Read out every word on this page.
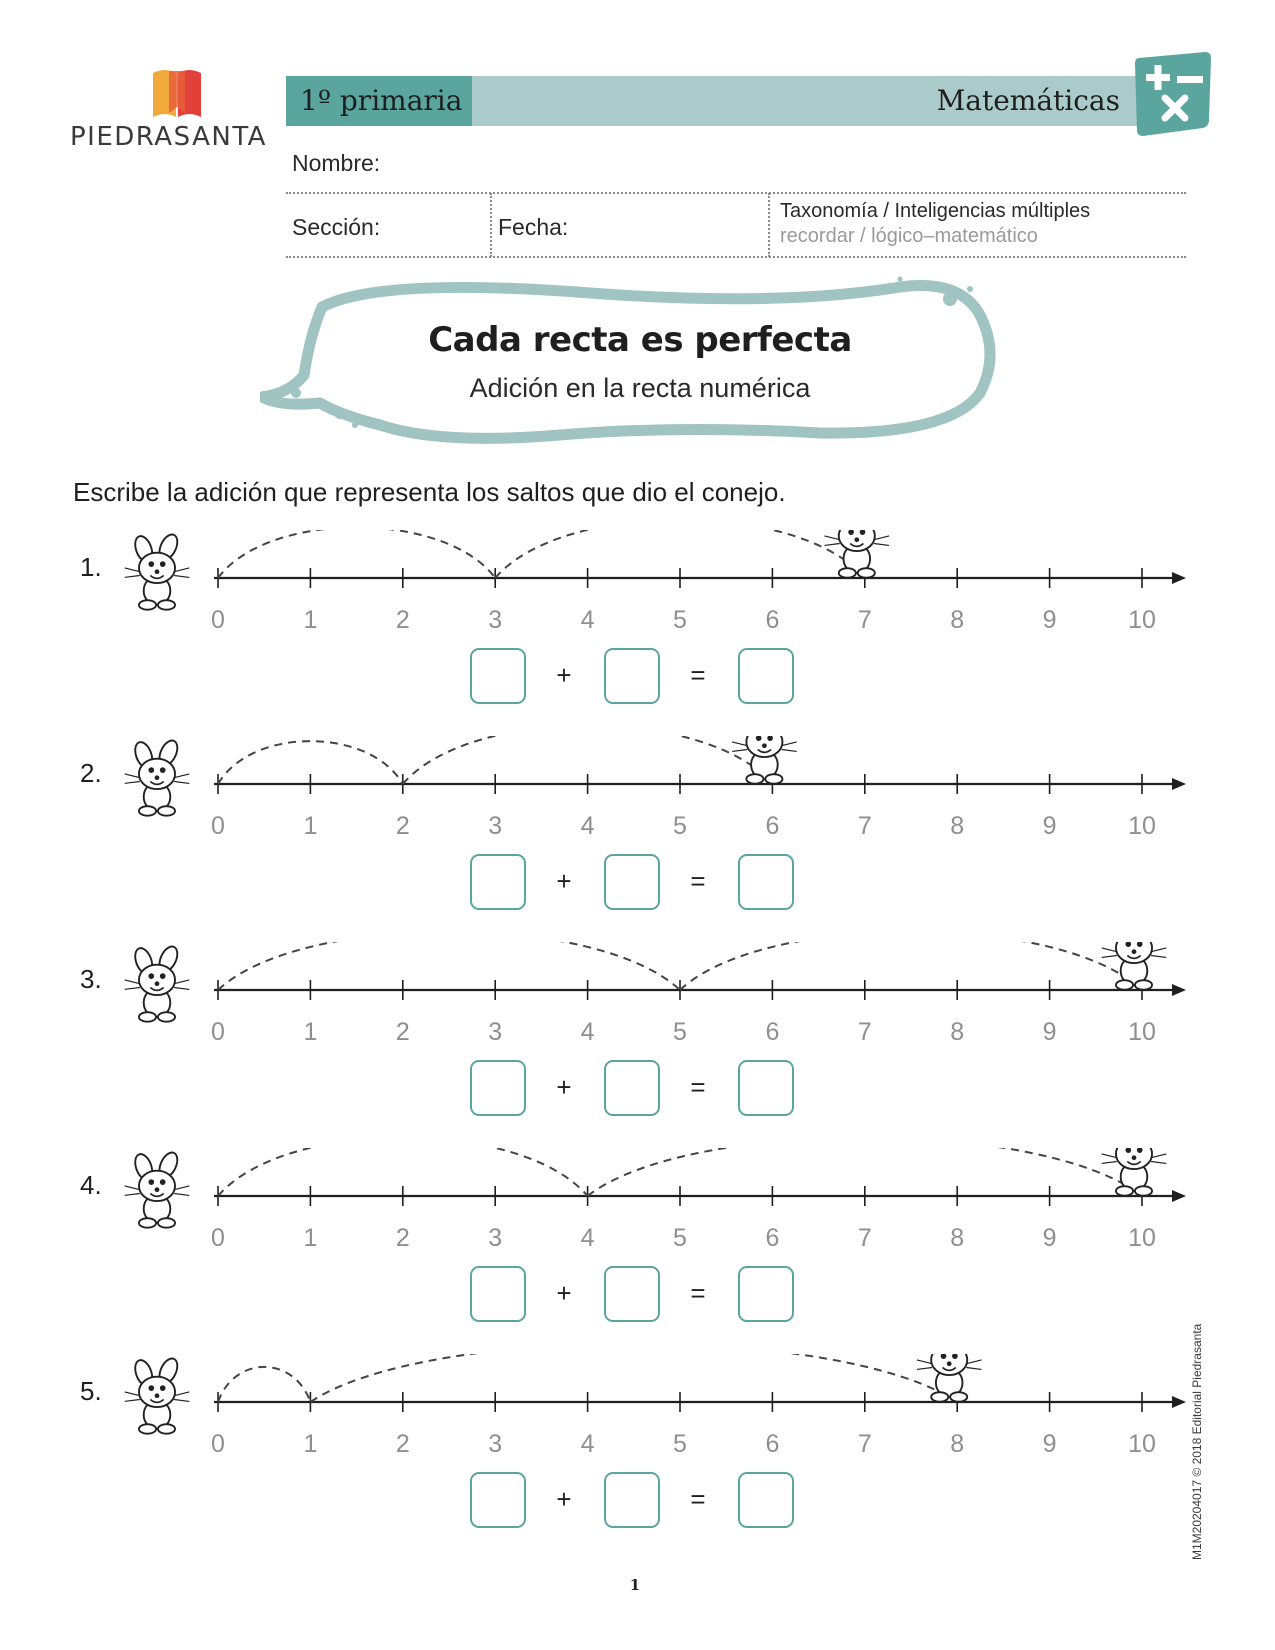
PIEDRASANTA
1º primaria	Matemáticas
Nombre:
Sección:	Fecha:
Taxonomía / Inteligencias múltiples
recordar / lógico–matemático
Cada recta es perfecta
Adición en la recta numérica
Escribe la adición que representa los saltos que dio el conejo.
1.
0	1	2	3	4	5	6	7	8	9	10
+	=
2.
0	1	2	3	4	5	6	7	8	9	10
+	=
3.
0	1	2	3	4	5	6	7	8	9	10
+	=
4.
0	1	2	3	4	5	6	7	8	9	10
+	=
5.
0	1	2	3	4	5	6	7	8	9	10
+	=
1
M1M20204017 © 2018 Editorial Piedrasanta
